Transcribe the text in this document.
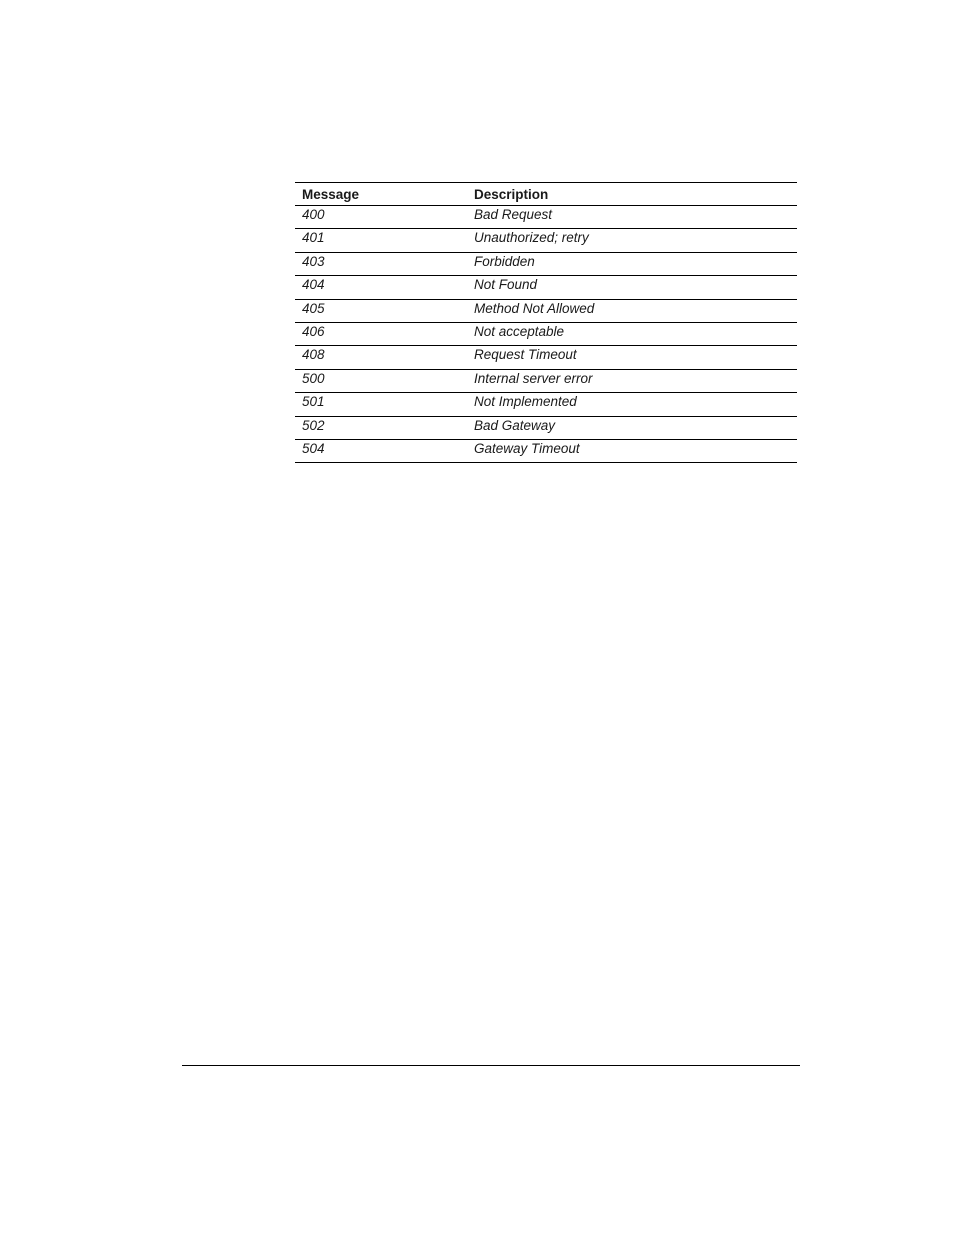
Message	Description
400	Bad Request
401	Unauthorized; retry
403	Forbidden
404	Not Found
405	Method Not Allowed
406	Not acceptable
408	Request Timeout
500	Internal server error
501	Not Implemented
502	Bad Gateway
504	Gateway Timeout
